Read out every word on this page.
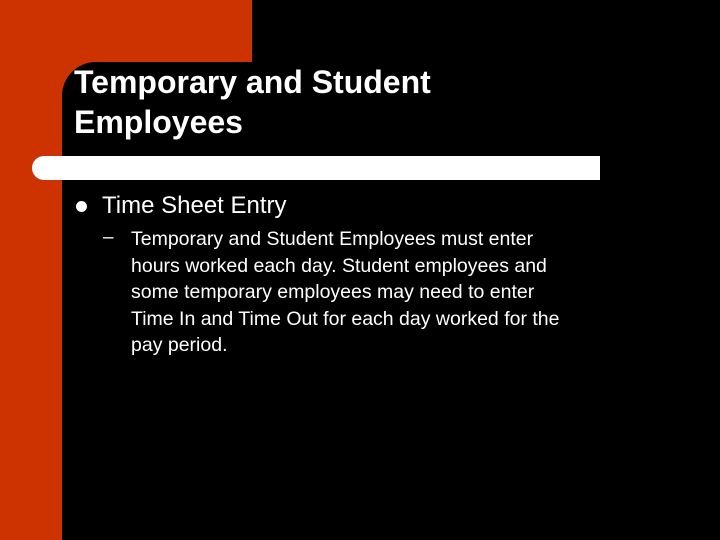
Temporary and Student
Employees
Time Sheet Entry
– Temporary and Student Employees must enter
hours worked each day. Student employees and
some temporary employees may need to enter
Time In and Time Out for each day worked for the
pay period.
